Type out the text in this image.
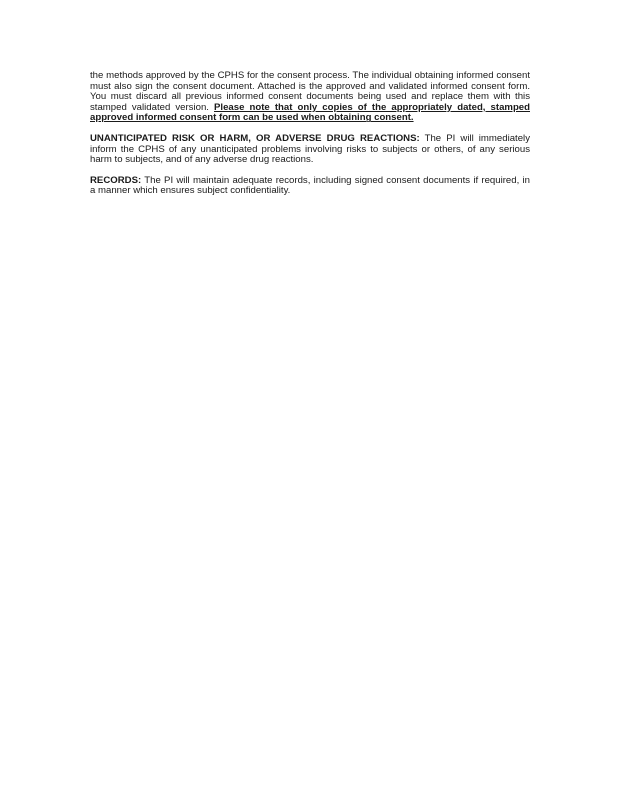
the methods approved by the CPHS for the consent process. The individual obtaining informed consent must also sign the consent document. Attached is the approved and validated informed consent form. You must discard all previous informed consent documents being used and replace them with this stamped validated version. Please note that only copies of the appropriately dated, stamped approved informed consent form can be used when obtaining consent.

UNANTICIPATED RISK OR HARM, OR ADVERSE DRUG REACTIONS: The PI will immediately inform the CPHS of any unanticipated problems involving risks to subjects or others, of any serious harm to subjects, and of any adverse drug reactions.

RECORDS: The PI will maintain adequate records, including signed consent documents if required, in a manner which ensures subject confidentiality.
